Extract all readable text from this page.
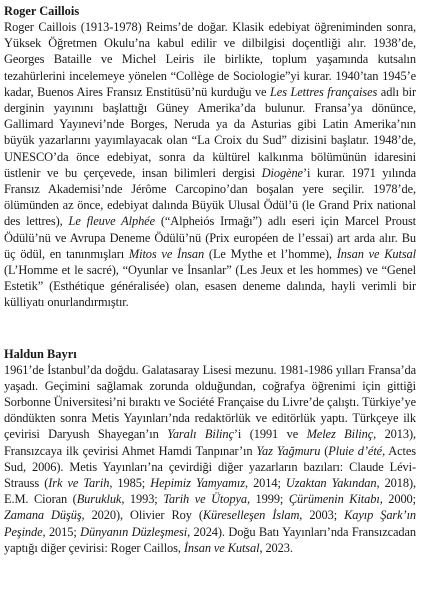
Roger Caillois

Roger Caillois (1913-1978) Reims’de doğar. Klasik edebiyat öğreniminden sonra, Yüksek Öğretmen Okulu’na kabul edilir ve dilbilgisi doçentliği alır. 1938’de, Georges Bataille ve Michel Leiris ile birlikte, toplum yaşamında kutsalın tezahürlerini incelemeye yönelen “Collège de Sociologie”yi kurar. 1940’tan 1945’e kadar, Buenos Aires Fransız Enstitüsü’nü kurduğu ve Les Lettres françaises adlı bir derginin yayınını başlattığı Güney Amerika’da bulunur. Fransa’ya dönünce, Gallimard Yayınevi’nde Borges, Neruda ya da Asturias gibi Latin Amerika’nın büyük yazarlarını yayımlayacak olan “La Croix du Sud” dizisini başlatır. 1948’de, UNESCO’da önce edebiyat, sonra da kültürel kalkınma bölümünün idaresini üstlenir ve bu çerçevede, insan bilimleri dergisi Diogène’i kurar. 1971 yılında Fransız Akademisi’nde Jérôme Carcopino’dan boşalan yere seçilir. 1978’de, ölümünden az önce, edebiyat dalında Büyük Ulusal Ödül’ü (le Grand Prix national des lettres), Le fleuve Alphée (“Alpheiós Irmağı”) adlı eseri için Marcel Proust Ödülü’nü ve Avrupa Deneme Ödülü’nü (Prix européen de l’essai) art arda alır. Bu üç ödül, en tanınmışları Mitos ve İnsan (Le Mythe et l’homme), İnsan ve Kutsal (L’Homme et le sacré), “Oyunlar ve İnsanlar” (Les Jeux et les hommes) ve “Genel Estetik” (Esthétique généralisée) olan, esasen deneme dalında, hayli verimli bir külliyatı onurlandırmıştır.

Haldun Bayrı

1961’de İstanbul’da doğdu. Galatasaray Lisesi mezunu. 1981-1986 yılları Fransa’da yaşadı. Geçimini sağlamak zorunda olduğundan, coğrafya öğrenimi için gittiği Sorbonne Üniversitesi’ni bıraktı ve Société Française du Livre’de çalıştı. Türkiye’ye döndükten sonra Metis Yayınları’nda redaktörlük ve editörlük yaptı. Türkçeye ilk çevirisi Daryush Shayegan’ın Yaralı Bilinç’i (1991 ve Melez Bilinç, 2013), Fransızcaya ilk çevirisi Ahmet Hamdi Tanpınar’ın Yaz Yağmuru (Pluie d’été, Actes Sud, 2006). Metis Yayınları’na çevirdiği diğer yazarların bazıları: Claude Lévi-Strauss (Irk ve Tarih, 1985; Hepimiz Yamyamız, 2014; Uzaktan Yakından, 2018), E.M. Cioran (Burukluk, 1993; Tarih ve Ütopya, 1999; Çürümenin Kitabı, 2000; Zamana Düşüş, 2020), Olivier Roy (Küreselleşen İslam, 2003; Kayıp Şark’ın Peşinde, 2015; Dünyanın Düzleşmesi, 2024). Doğu Batı Yayınları’nda Fransızcadan yaptığı diğer çevirisi: Roger Caillos, İnsan ve Kutsal, 2023.
